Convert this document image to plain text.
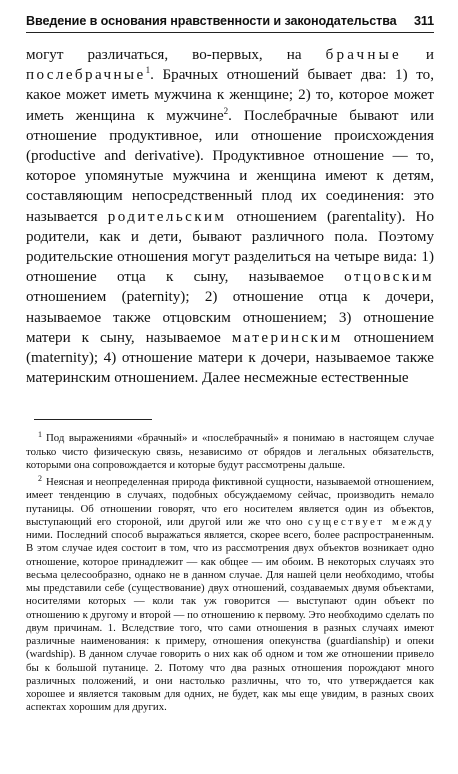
Введение в основания нравственности и законодательства 311

могут различаться, во-первых, на брачные и послебрачные$^1$. Брачных отношений бывает два: 1) то, какое может иметь мужчина к женщине; 2) то, которое может иметь женщина к мужчине$^2$. Послебрачные бывают или отношение продуктивное, или отношение происхождения (productive and derivative). Продуктивное отношение — то, которое упомянутые мужчина и женщина имеют к детям, составляющим непосредственный плод их соединения: это называется родительским отношением (parentality). Но родители, как и дети, бывают различного пола. Поэтому родительские отношения могут разделиться на четыре вида: 1) отношение отца к сыну, называемое отцовским отношением (paternity); 2) отношение отца к дочери, называемое также отцовским отношением; 3) отношение матери к сыну, называемое материнским отношением (maternity); 4) отношение матери к дочери, называемое также материнским отношением. Далее несмежные естественные

$^1$ Под выражениями «брачный» и «послебрачный» я понимаю в настоящем случае только чисто физическую связь, независимо от обрядов и легальных обязательств, которыми она сопровождается и которые будут рассмотрены дальше.

$^2$ Неясная и неопределенная природа фиктивной сущности, называемой отношением, имеет тенденцию в случаях, подобных обсуждаемому сейчас, производить немало путаницы. Об отношении говорят, что его носителем является один из объектов, выступающий его стороной, или другой или же что оно существует между ними. Последний способ выражаться является, скорее всего, более распространенным. В этом случае идея состоит в том, что из рассмотрения двух объектов возникает одно отношение, которое принадлежит — как общее — им обоим. В некоторых случаях это весьма целесообразно, однако не в данном случае. Для нашей цели необходимо, чтобы мы представили себе (существование) двух отношений, создаваемых двумя объектами, носителями которых — коли так уж говорится — выступают один объект по отношению к другому и второй — по отношению к первому. Это необходимо сделать по двум причинам. 1. Вследствие того, что сами отношения в разных случаях имеют различные наименования: к примеру, отношения опекунства (guardianship) и опеки (wardship). В данном случае говорить о них как об одном и том же отношении привело бы к большой путанице. 2. Потому что два разных отношения порождают много различных положений, и они настолько различны, что то, что утверждается как хорошее и является таковым для одних, не будет, как мы еще увидим, в разных своих аспектах хорошим для других.
